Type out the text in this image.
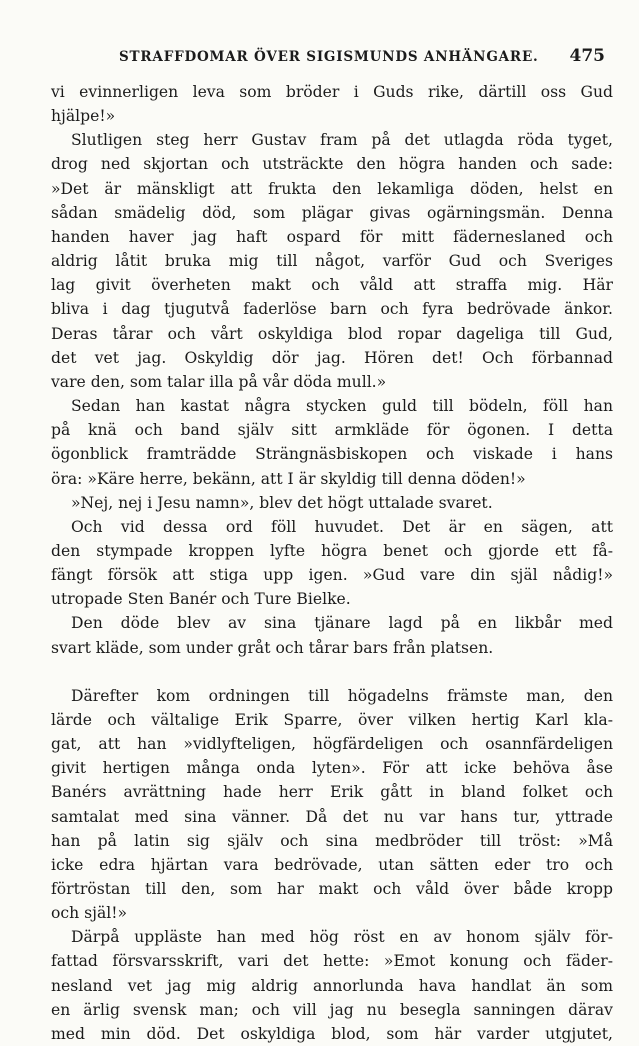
STRAFFDOMAR ÖVER SIGISMUNDS ANHÄNGARE. 475
vi evinnerligen leva som bröder i Guds rike, därtill oss Gud
hjälpe!»
Slutligen steg herr Gustav fram på det utlagda röda tyget,
drog ned skjortan och utsträckte den högra handen och sade:
»Det är mänskligt att frukta den lekamliga döden, helst en
sådan smädelig död, som plägar givas ogärningsmän. Denna
handen haver jag haft ospard för mitt fäderneslaned och
aldrig låtit bruka mig till något, varför Gud och Sveriges
lag givit överheten makt och våld att straffa mig. Här
bliva i dag tjugutvå faderlöse barn och fyra bedrövade änkor.
Deras tårar och vårt oskyldiga blod ropar dageliga till Gud,
det vet jag. Oskyldig dör jag. Hören det! Och förbannad
vare den, som talar illa på vår döda mull.»
Sedan han kastat några stycken guld till bödeln, föll han
på knä och band själv sitt armkläde för ögonen. I detta
ögonblick framträdde Strängnäsbiskopen och viskade i hans
öra: »Käre herre, bekänn, att I är skyldig till denna döden!»
»Nej, nej i Jesu namn», blev det högt uttalade svaret.
Och vid dessa ord föll huvudet. Det är en sägen, att
den stympade kroppen lyfte högra benet och gjorde ett få-
fängt försök att stiga upp igen. »Gud vare din själ nådig!»
utropade Sten Banér och Ture Bielke.
Den döde blev av sina tjänare lagd på en likbår med
svart kläde, som under gråt och tårar bars från platsen.
Därefter kom ordningen till högadelns främste man, den
lärde och vältalige Erik Sparre, över vilken hertig Karl kla-
gat, att han »vidlyfteligen, högfärdeligen och osannfärdeligen
givit hertigen många onda lyten». För att icke behöva åse
Banérs avrättning hade herr Erik gått in bland folket och
samtalat med sina vänner. Då det nu var hans tur, yttrade
han på latin sig själv och sina medbröder till tröst: »Må
icke edra hjärtan vara bedrövade, utan sätten eder tro och
förtröstan till den, som har makt och våld över både kropp
och själ!»
Därpå uppläste han med hög röst en av honom själv för-
fattad försvarsskrift, vari det hette: »Emot konung och fäder-
nesland vet jag mig aldrig annorlunda hava handlat än som
en ärlig svensk man; och vill jag nu besegla sanningen därav
med min död. Det oskyldiga blod, som här varder utgjutet,
